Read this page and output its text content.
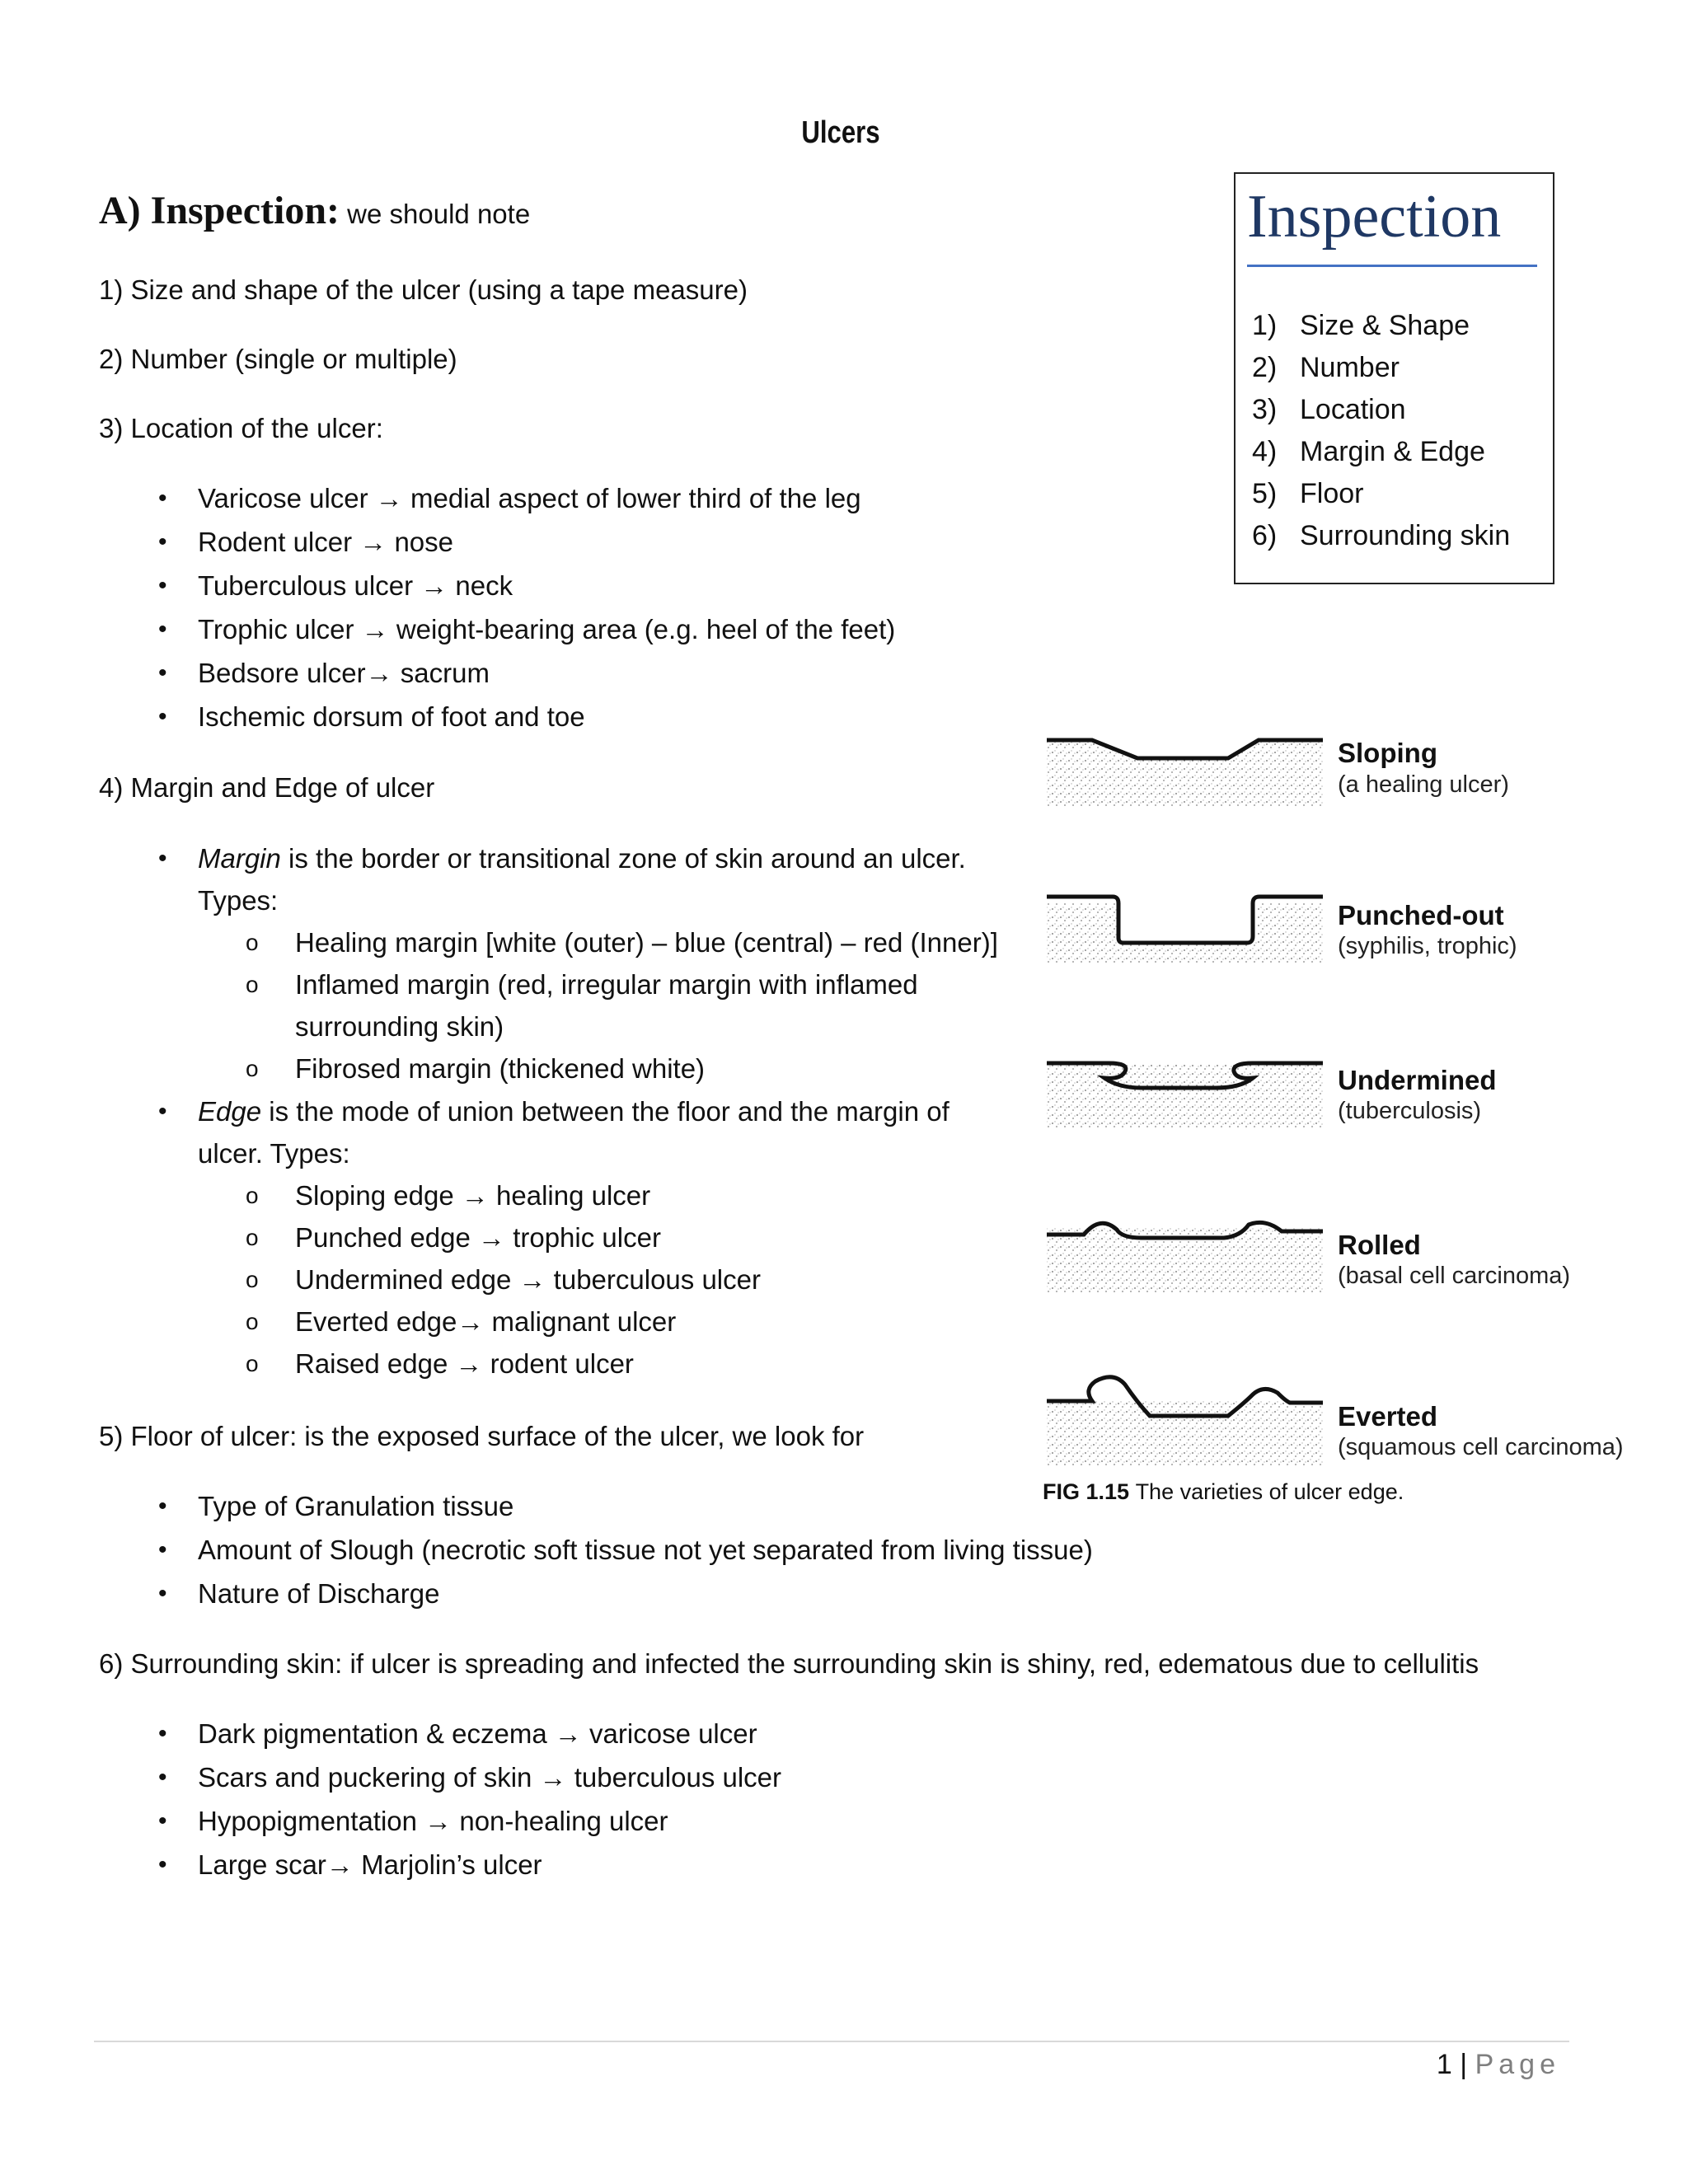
Ulcers
A) Inspection: we should note
1) Size and shape of the ulcer (using a tape measure)
2) Number (single or multiple)
3) Location of the ulcer:
• Varicose ulcer → medial aspect of lower third of the leg
• Rodent ulcer → nose
• Tuberculous ulcer → neck
• Trophic ulcer → weight-bearing area (e.g. heel of the feet)
• Bedsore ulcer→ sacrum
• Ischemic dorsum of foot and toe
4) Margin and Edge of ulcer
• Margin is the border or transitional zone of skin around an ulcer.
Types:
o Healing margin [white (outer) – blue (central) – red (Inner)]
o Inflamed margin (red, irregular margin with inflamed
surrounding skin)
o Fibrosed margin (thickened white)
• Edge is the mode of union between the floor and the margin of
ulcer. Types:
o Sloping edge → healing ulcer
o Punched edge → trophic ulcer
o Undermined edge → tuberculous ulcer
o Everted edge→ malignant ulcer
o Raised edge → rodent ulcer
5) Floor of ulcer: is the exposed surface of the ulcer, we look for
• Type of Granulation tissue
• Amount of Slough (necrotic soft tissue not yet separated from living tissue)
• Nature of Discharge
6) Surrounding skin: if ulcer is spreading and infected the surrounding skin is shiny, red, edematous due to cellulitis
• Dark pigmentation & eczema → varicose ulcer
• Scars and puckering of skin → tuberculous ulcer
• Hypopigmentation → non-healing ulcer
• Large scar→ Marjolin’s ulcer
Inspection
1) Size & Shape
2) Number
3) Location
4) Margin & Edge
5) Floor
6) Surrounding skin
Sloping
(a healing ulcer)
Punched-out
(syphilis, trophic)
Undermined
(tuberculosis)
Rolled
(basal cell carcinoma)
Everted
(squamous cell carcinoma)
FIG 1.15 The varieties of ulcer edge.
1 | Page
